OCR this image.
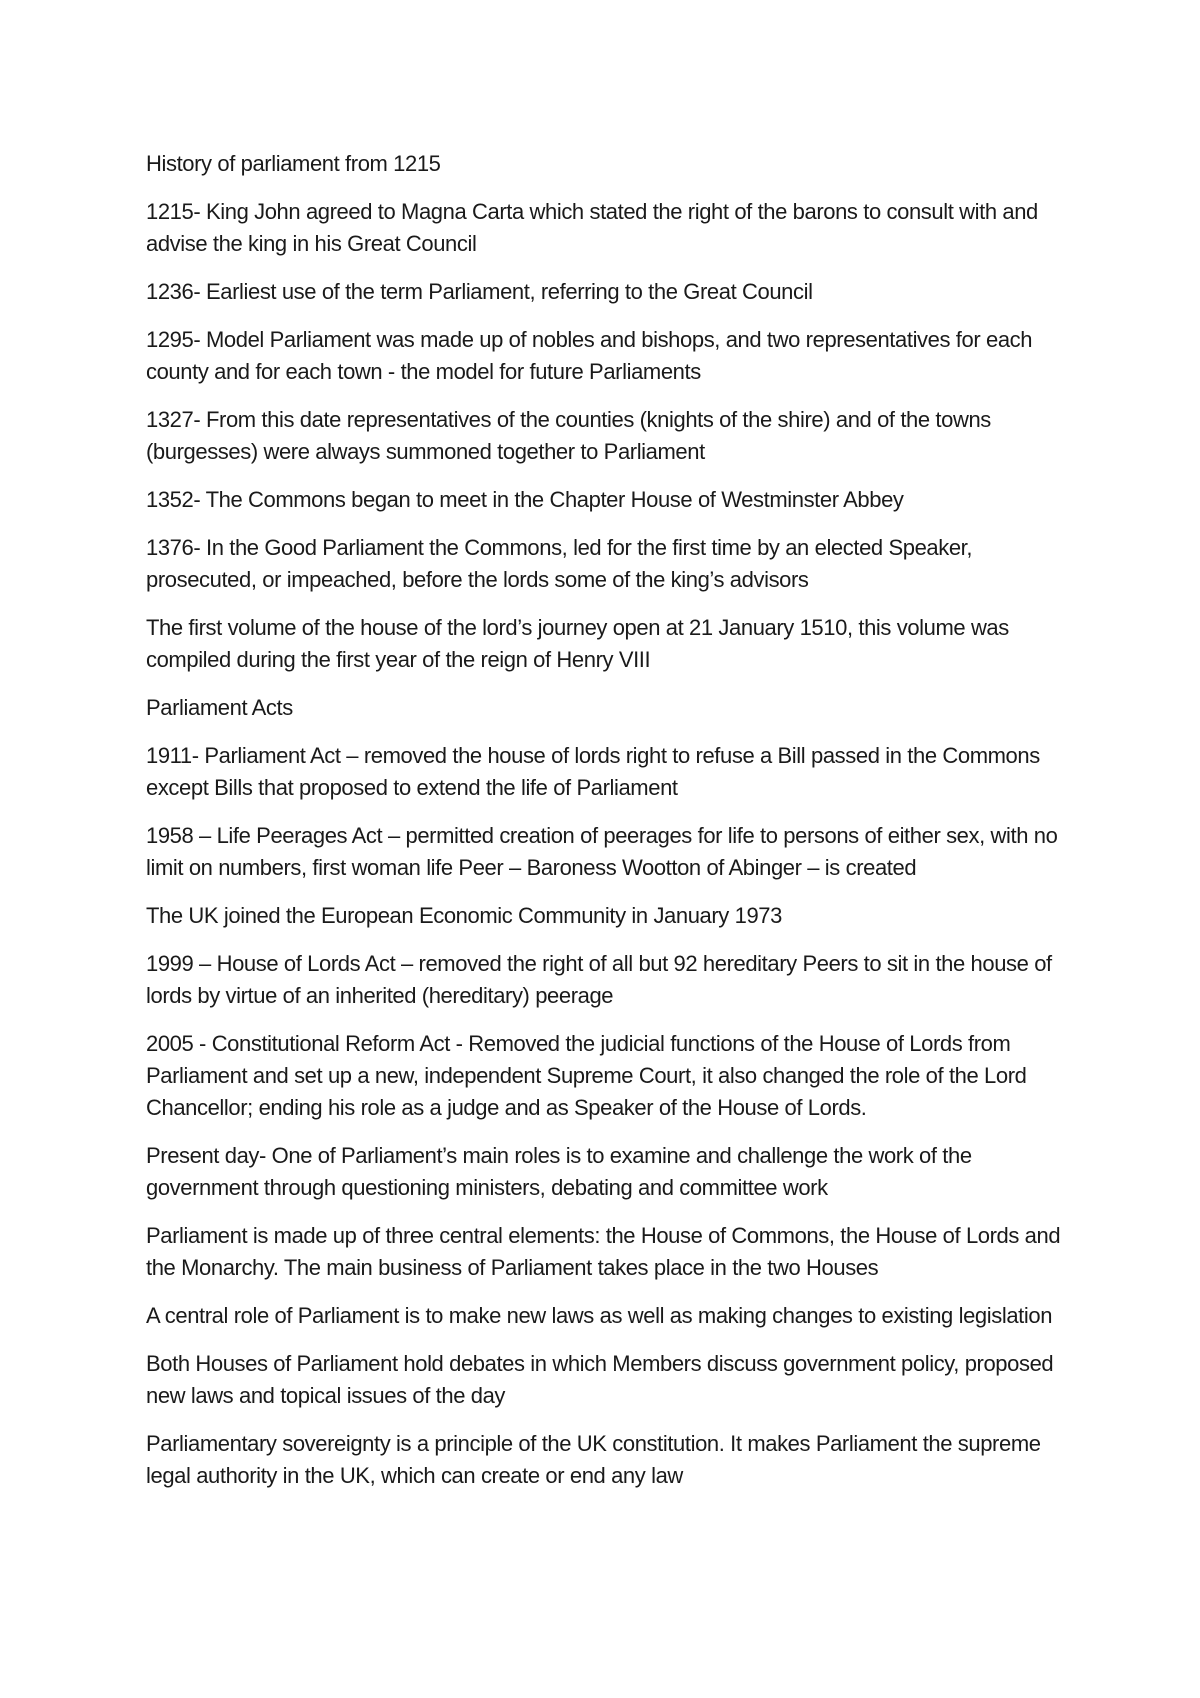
History of parliament from 1215

1215- King John agreed to Magna Carta which stated the right of the barons to consult with and advise the king in his Great Council

1236- Earliest use of the term Parliament, referring to the Great Council

1295- Model Parliament was made up of nobles and bishops, and two representatives for each county and for each town - the model for future Parliaments

1327- From this date representatives of the counties (knights of the shire) and of the towns (burgesses) were always summoned together to Parliament

1352- The Commons began to meet in the Chapter House of Westminster Abbey

1376- In the Good Parliament the Commons, led for the first time by an elected Speaker, prosecuted, or impeached, before the lords some of the king’s advisors

The first volume of the house of the lord’s journey open at 21 January 1510, this volume was compiled during the first year of the reign of Henry VIII

Parliament Acts

1911- Parliament Act – removed the house of lords right to refuse a Bill passed in the Commons except Bills that proposed to extend the life of Parliament

1958 – Life Peerages Act – permitted creation of peerages for life to persons of either sex, with no limit on numbers, first woman life Peer – Baroness Wootton of Abinger – is created

The UK joined the European Economic Community in January 1973

1999 – House of Lords Act – removed the right of all but 92 hereditary Peers to sit in the house of lords by virtue of an inherited (hereditary) peerage

2005 - Constitutional Reform Act - Removed the judicial functions of the House of Lords from Parliament and set up a new, independent Supreme Court, it also changed the role of the Lord Chancellor; ending his role as a judge and as Speaker of the House of Lords.

Present day- One of Parliament’s main roles is to examine and challenge the work of the government through questioning ministers, debating and committee work

Parliament is made up of three central elements: the House of Commons, the House of Lords and the Monarchy. The main business of Parliament takes place in the two Houses

A central role of Parliament is to make new laws as well as making changes to existing legislation

Both Houses of Parliament hold debates in which Members discuss government policy, proposed new laws and topical issues of the day

Parliamentary sovereignty is a principle of the UK constitution. It makes Parliament the supreme legal authority in the UK, which can create or end any law
